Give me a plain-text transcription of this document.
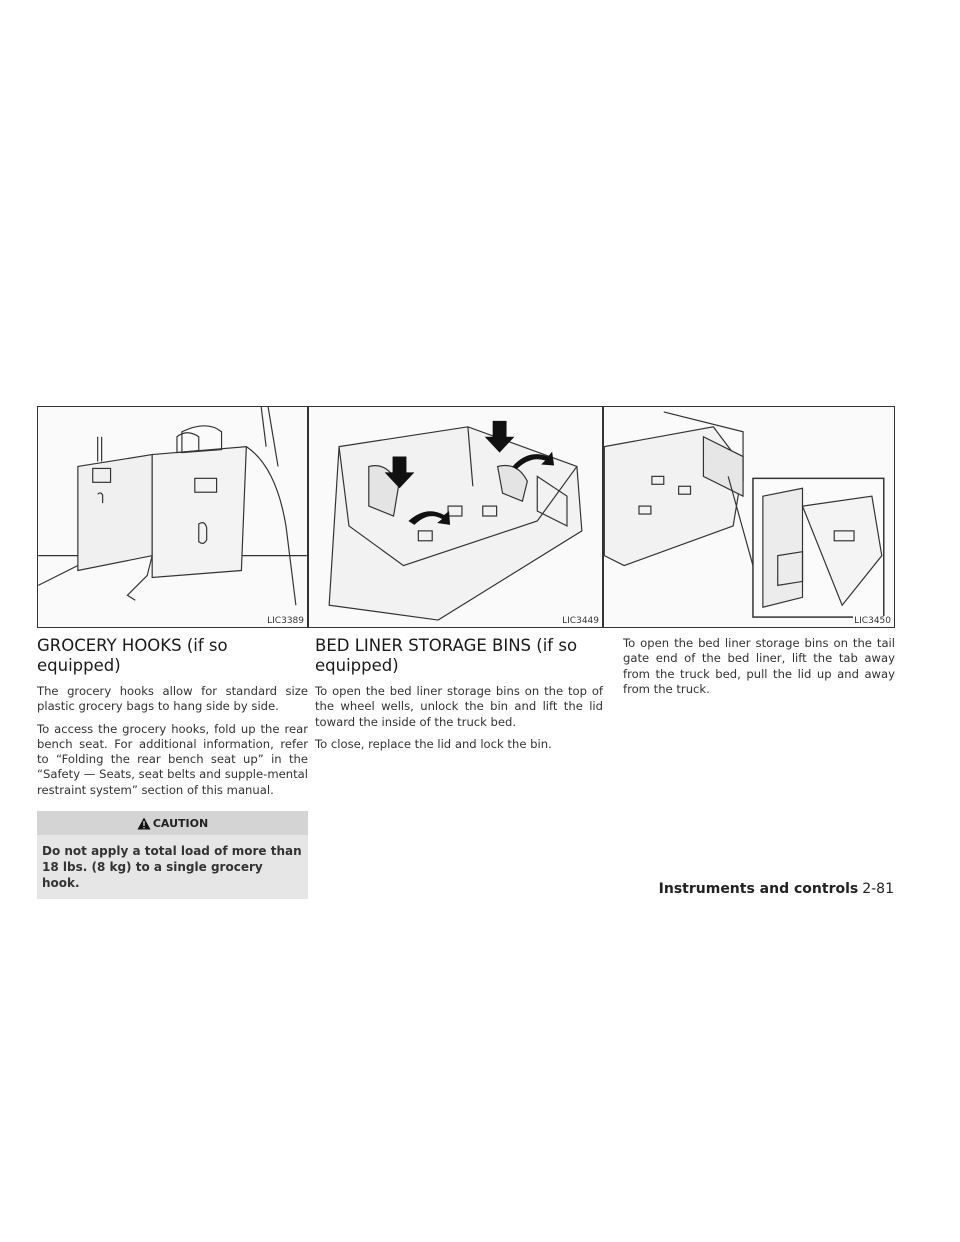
LIC3389	LIC3449	LIC3450
GROCERY HOOKS (if so equipped)

The grocery hooks allow for standard size plastic grocery bags to hang side by side.

To access the grocery hooks, fold up the rear bench seat. For additional information, refer to “Folding the rear bench seat up” in the “Safety — Seats, seat belts and supple-mental restraint system” section of this manual.

CAUTION
Do not apply a total load of more than 18 lbs. (8 kg) to a single grocery hook.
BED LINER STORAGE BINS (if so equipped)

To open the bed liner storage bins on the top of the wheel wells, unlock the bin and lift the lid toward the inside of the truck bed.

To close, replace the lid and lock the bin.

To open the bed liner storage bins on the tail gate end of the bed liner, lift the tab away from the truck bed, pull the lid up and away from the truck.

Instruments and controls 2-81
